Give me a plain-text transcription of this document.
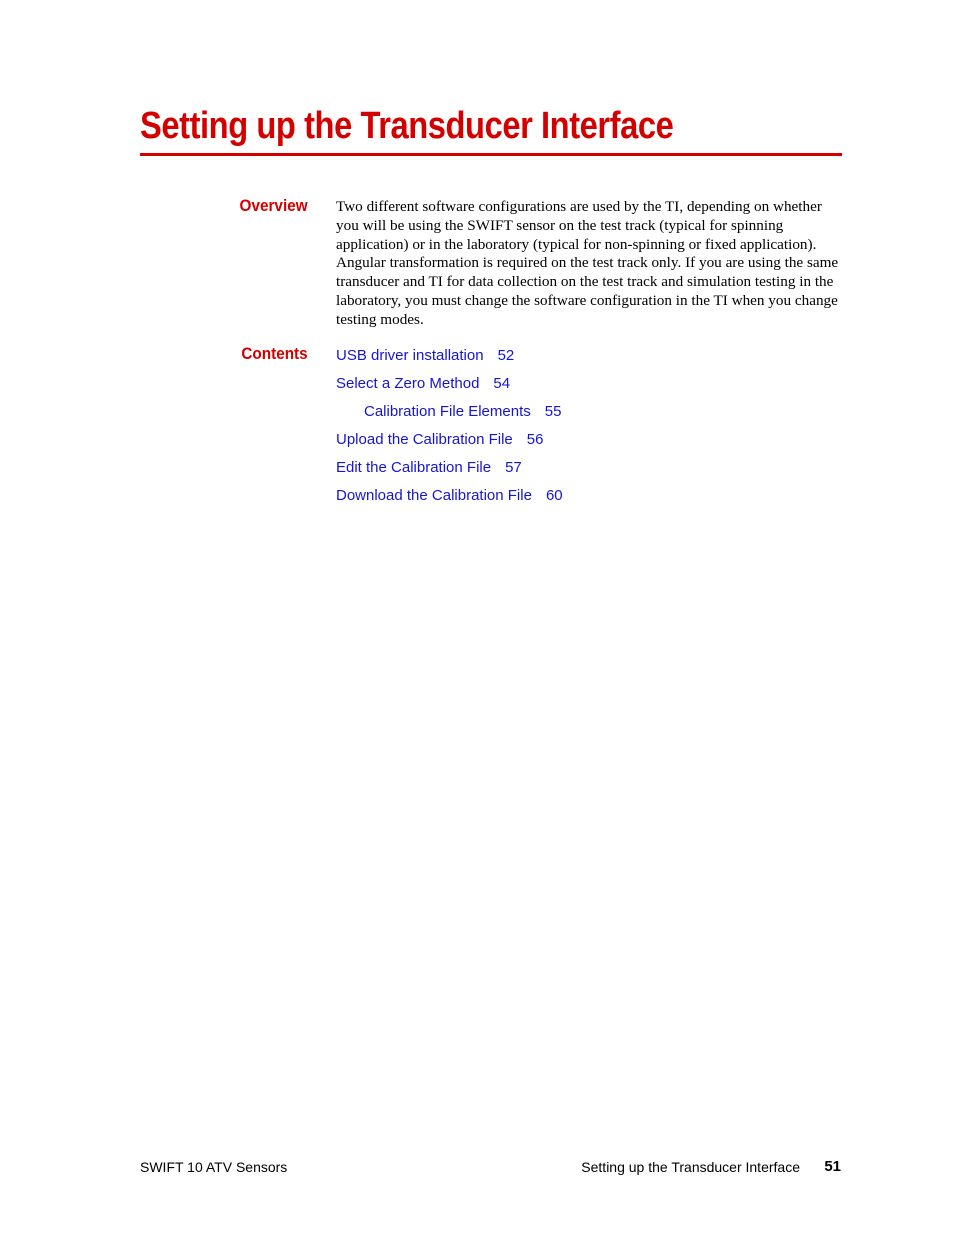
Setting up the Transducer Interface
Overview Two different software configurations are used by the TI, depending on whether you will be using the SWIFT sensor on the test track (typical for spinning application) or in the laboratory (typical for non-spinning or fixed application). Angular transformation is required on the test track only. If you are using the same transducer and TI for data collection on the test track and simulation testing in the laboratory, you must change the software configuration in the TI when you change testing modes.

Contents USB driver installation 52
Select a Zero Method 54
Calibration File Elements 55
Upload the Calibration File 56
Edit the Calibration File 57
Download the Calibration File 60
SWIFT 10 ATV Sensors	Setting up the Transducer Interface 51
